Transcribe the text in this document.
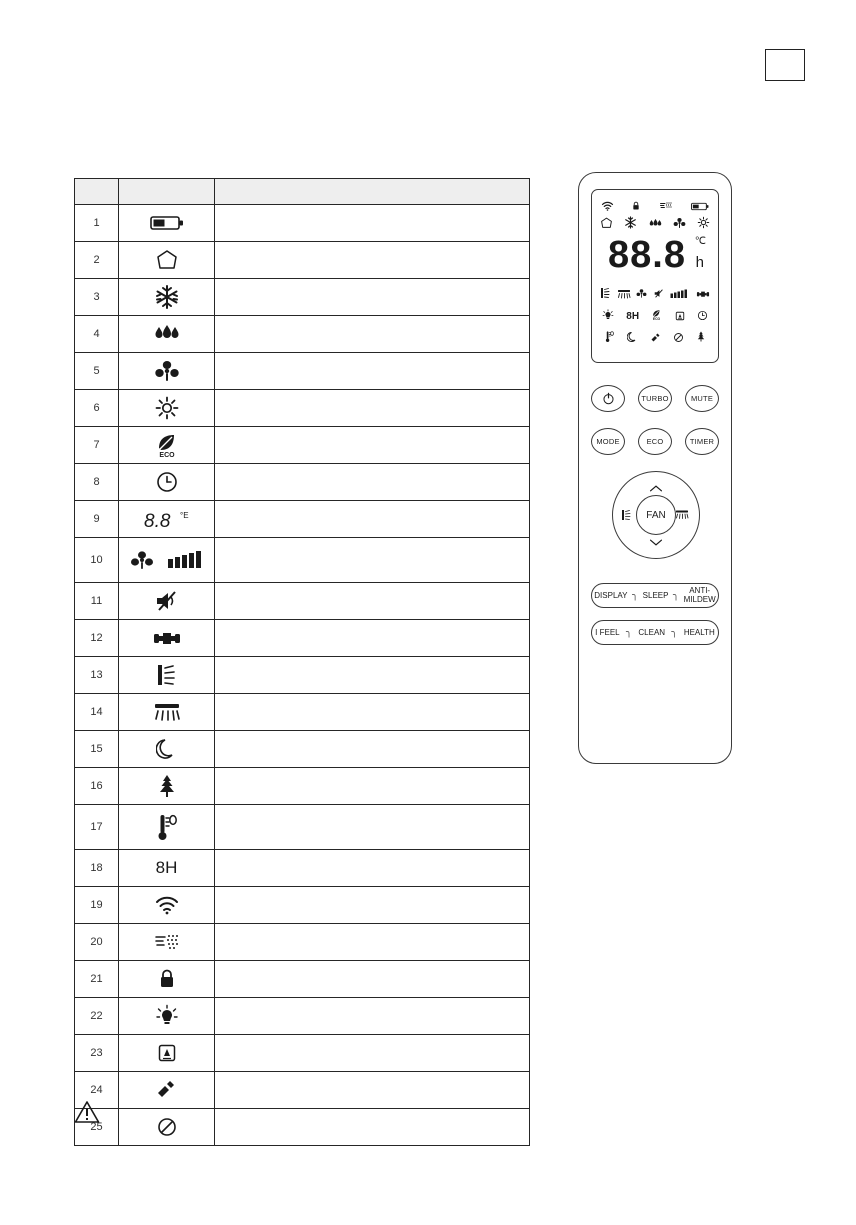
1	

2	

3	

4	

5	

6	

7	ECO	

8	

9	8.8 °E	

10	

11	

12	

13	

14	

15	

16	

17	

18	8H	

19	

20	

21	

22	

23	

24	

25	

88.8 ℃
h
8H ECO
TURBO	MUTE
MODE	ECO	TIMER
FAN
DISPLAY ╮ SLEEP ╮	ANTI-
MILDEW
I FEEL ╮ CLEAN ╮ HEALTH
